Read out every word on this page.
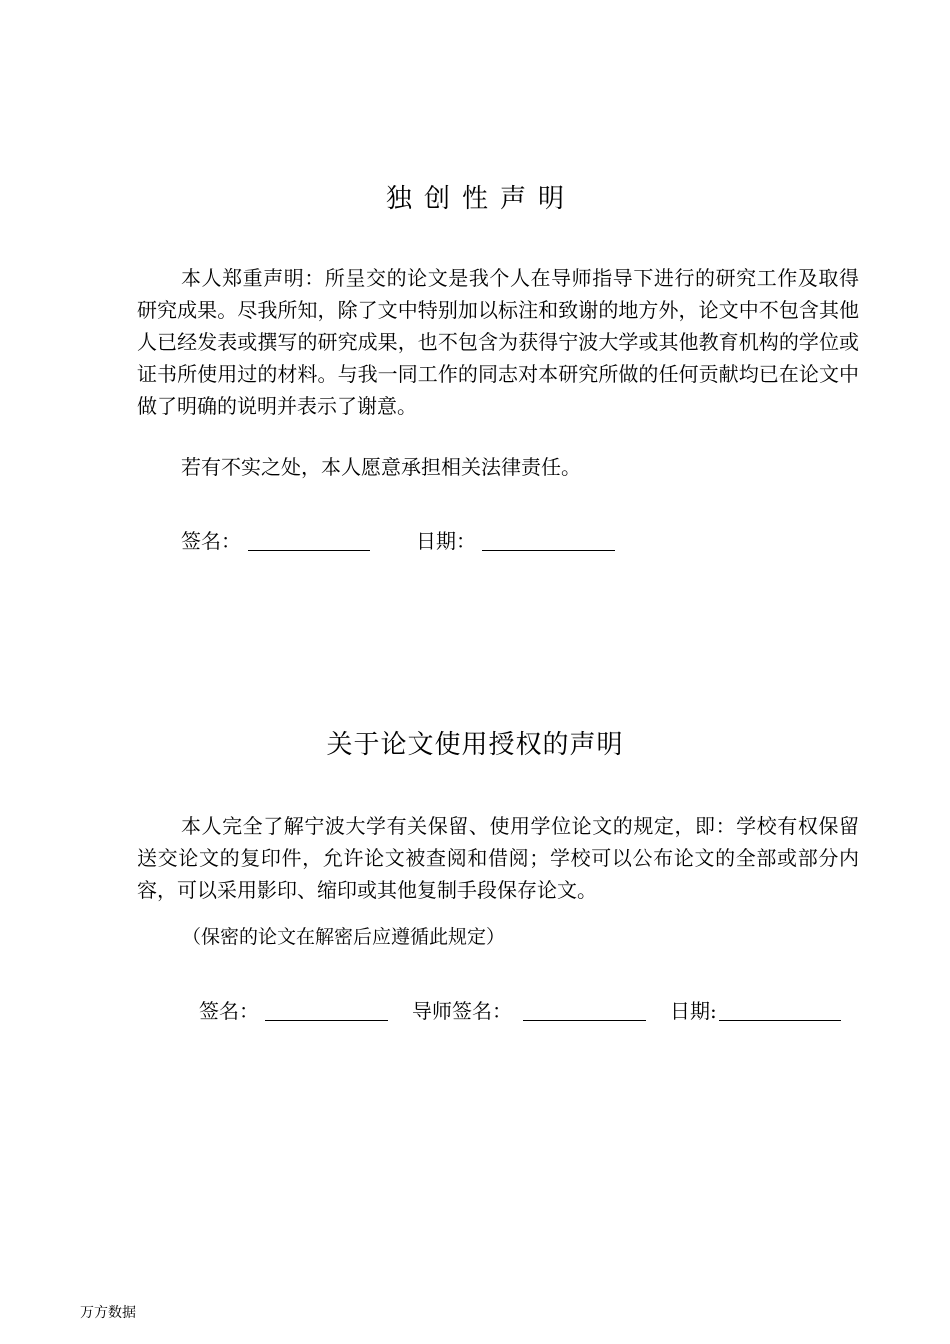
独创性声明

本人郑重声明：所呈交的论文是我个人在导师指导下进行的研究工作及取得研究成果。尽我所知，除了文中特别加以标注和致谢的地方外，论文中不包含其他人已经发表或撰写的研究成果，也不包含为获得宁波大学或其他教育机构的学位或证书所使用过的材料。与我一同工作的同志对本研究所做的任何贡献均已在论文中做了明确的说明并表示了谢意。

若有不实之处，本人愿意承担相关法律责任。

签名：	日期：
关于论文使用授权的声明

本人完全了解宁波大学有关保留、使用学位论文的规定，即：学校有权保留送交论文的复印件，允许论文被查阅和借阅；学校可以公布论文的全部或部分内容，可以采用影印、缩印或其他复制手段保存论文。

（保密的论文在解密后应遵循此规定）

签名：	导师签名：	日期:
万方数据
